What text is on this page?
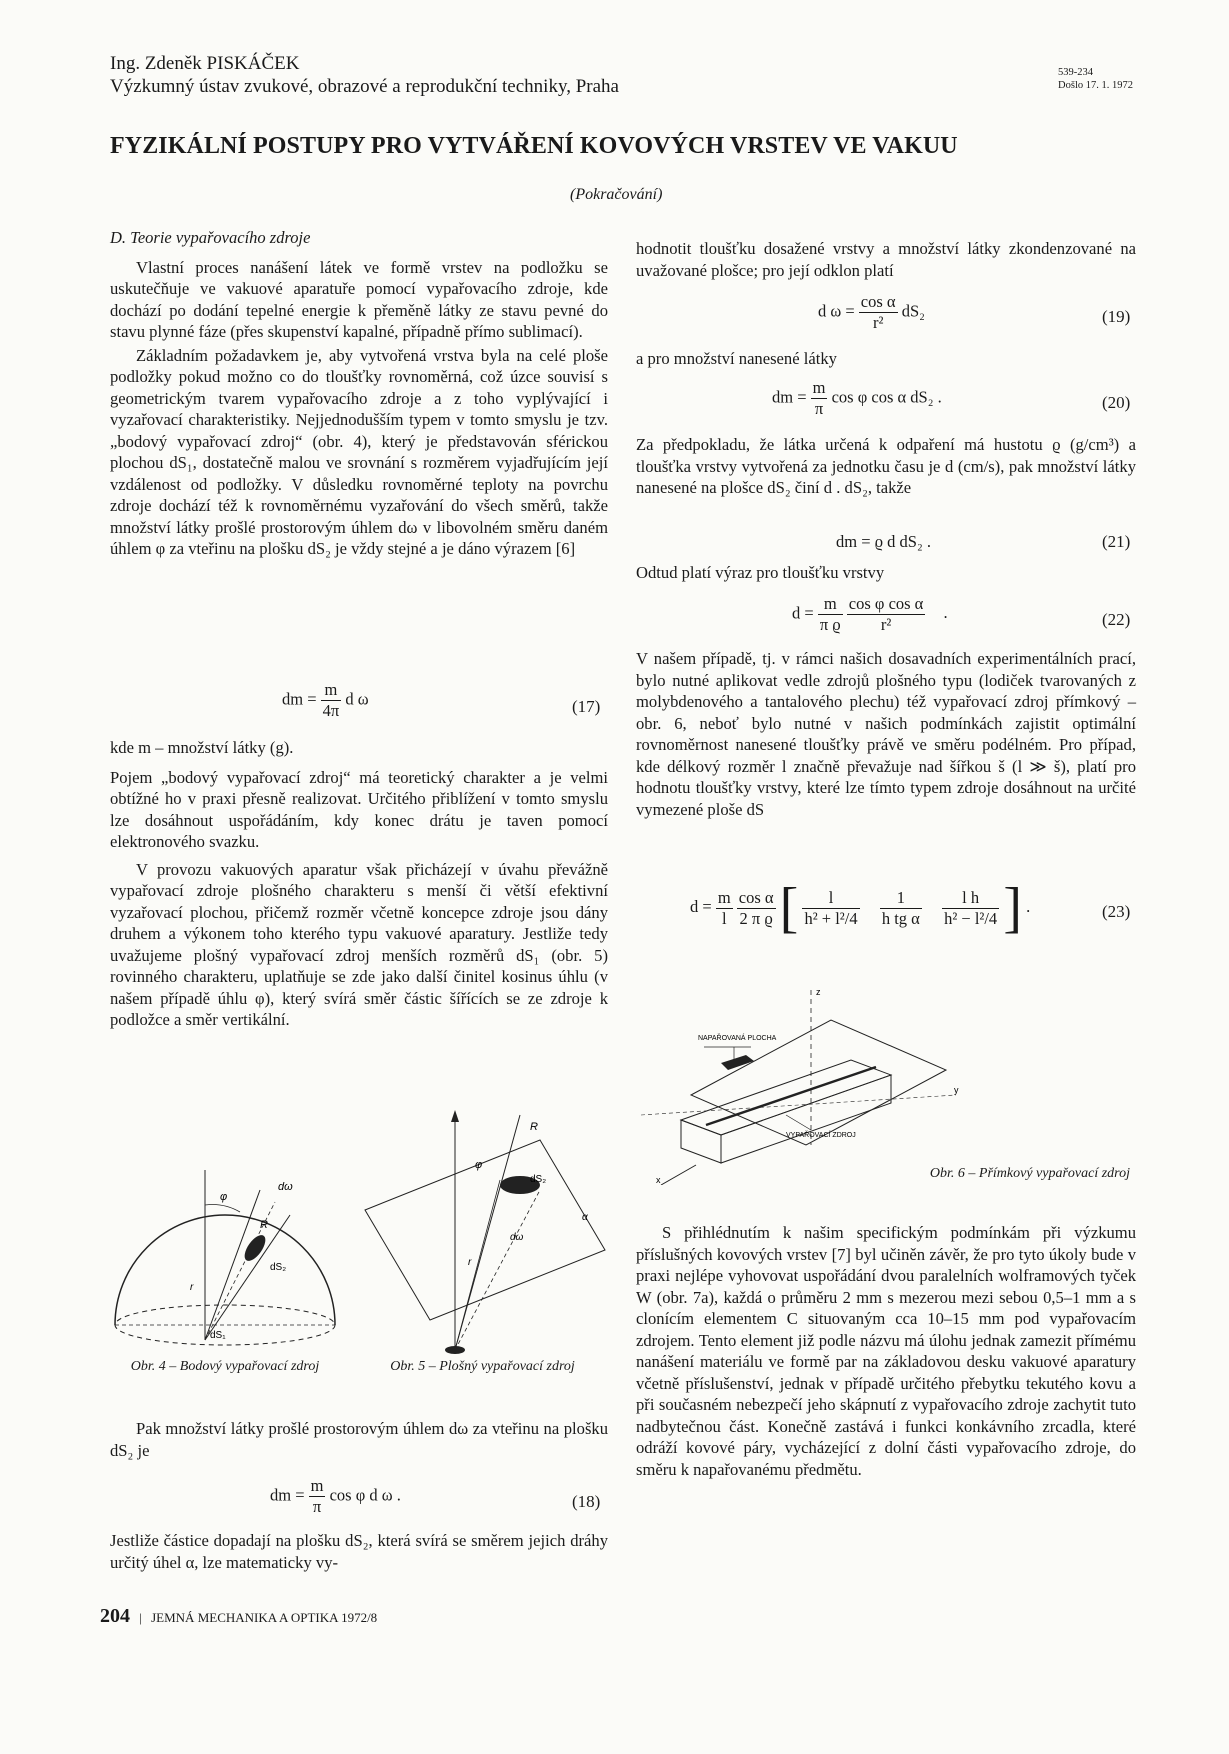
Ing. Zdeněk PISKÁČEK
Výzkumný ústav zvukové, obrazové a reprodukční techniky, Praha
539-234
Došlo 17. 1. 1972
FYZIKÁLNÍ POSTUPY PRO VYTVÁŘENÍ KOVOVÝCH VRSTEV VE VAKUU
(Pokračování)
D. Teorie vypařovacího zdroje

Vlastní proces nanášení látek ve formě vrstev na podložku se uskutečňuje ve vakuové aparatuře pomocí vypařovacího zdroje, kde dochází po dodání tepelné energie k přeměně látky ze stavu pevné do stavu plynné fáze (přes skupenství kapalné, případně přímo sublimací).

Základním požadavkem je, aby vytvořená vrstva byla na celé ploše podložky pokud možno co do tloušťky rovnoměrná, což úzce souvisí s geometrickým tvarem vypařovacího zdroje a z toho vyplývající i vyzařovací charakteristiky. Nejjednodušším typem v tomto smyslu je tzv. „bodový vypařovací zdroj“ (obr. 4), který je představován sférickou plochou dS₁, dostatečně malou ve srovnání s rozměrem vyjadřujícím její vzdálenost od podložky. V důsledku rovnoměrné teploty na povrchu zdroje dochází též k rovnoměrnému vyzařování do všech směrů, takže množství látky prošlé prostorovým úhlem dω v libovolném směru daném úhlem φ za vteřinu na plošku dS₂ je vždy stejné a je dáno výrazem [6]

dm = $\frac{m}{4\pi}$ d ω	(17)

kde m – množství látky (g).

Pojem „bodový vypařovací zdroj“ má teoretický charakter a je velmi obtížné ho v praxi přesně realizovat. Určitého přiblížení v tomto smyslu lze dosáhnout uspořádáním, kdy konec drátu je taven pomocí elektronového svazku.

V provozu vakuových aparatur však přicházejí v úvahu převážně vypařovací zdroje plošného charakteru s menší či větší efektivní vyzařovací plochou, přičemž rozměr včetně koncepce zdroje jsou dány druhem a výkonem toho kterého typu vakuové aparatury. Jestliže tedy uvažujeme plošný vypařovací zdroj menších rozměrů dS₁ (obr. 5) rovinného charakteru, uplatňuje se zde jako další činitel kosinus úhlu (v našem případě úhlu φ), který svírá směr částic šířících se ze zdroje k podložce a směr vertikální.

φ
R
dω
dS₂
dS₁
r
Obr. 4 – Bodový vypařovací zdroj
dS₂
R
φ
dω
r
α
Obr. 5 – Plošný vypařovací zdroj

Pak množství látky prošlé prostorovým úhlem dω za vteřinu na plošku dS₂ je

dm = $\frac{m}{\pi}$ cos φ d ω .	(18)

Jestliže částice dopadají na plošku dS₂, která svírá se směrem jejich dráhy určitý úhel α, lze matematicky vy-

hodnotit tloušťku dosažené vrstvy a množství látky zkondenzované na uvažované plošce; pro její odklon platí

d $\omega = \frac{\text{cos α}}{\text{r²}} dS_2$	(19)

a pro množství nanesené látky

dm = $\frac{m}{\pi}$ cos φ cos α dS₂ .	(20)

Za předpokladu, že látka určená k odpaření má hustotu ϱ (g/cm³) a tloušťka vrstvy vytvořená za jednotku času je d (cm/s), pak množství látky nanesené na plošce dS₂ činí d . dS₂, takže

dm = ϱ d dS₂ .	(21)

Odtud platí výraz pro tloušťku vrstvy

$d = \frac{m}{\text{π ϱ}}$
$\frac{\text{cos φ cos α}}{\text{r²}}$ .	(22)

V našem případě, tj. v rámci našich dosavadních experimentálních prací, bylo nutné aplikovat vedle zdrojů plošného typu (lodiček tvarovaných z molybdenového a tantalového plechu) též vypařovací zdroj přímkový – obr. 6, neboť bylo nutné v našich podmínkách zajistit optimální rovnoměrnost nanesené tloušťky právě ve směru podélném. Pro případ, kde délkový rozměr l značně převažuje nad šířkou š (l ≫ š), platí pro hodnotu tloušťky vrstvy, které lze tímto typem zdroje dosáhnout na určité vymezené ploše dS

$d = \frac{m}{l}$
$\frac{\text{cos α}}{\text{2 π ϱ}}$ [ $\frac{l}{\text{h² + l²/4}}$
$\frac{1}{\text{h tg α}}$
$\frac{\text{l h}}{\text{h² − l²/4}}$ ] .	(23)
x
z
y
NAPAŘOVANÁ PLOCHA
VYPAŘOVACÍ ZDROJ
Obr. 6 – Přímkový vypařovací zdroj

S přihlédnutím k našim specifickým podmínkám při výzkumu příslušných kovových vrstev [7] byl učiněn závěr, že pro tyto úkoly bude v praxi nejlépe vyhovovat uspořádání dvou paralelních wolframových tyček W (obr. 7a), každá o průměru 2 mm s mezerou mezi sebou 0,5–1 mm a s clonícím elementem C situovaným cca 10–15 mm pod vypařovacím zdrojem. Tento element již podle názvu má úlohu jednak zamezit přímému nanášení materiálu ve formě par na základovou desku vakuové aparatury včetně příslušenství, jednak v případě určitého přebytku tekutého kovu a při současném nebezpečí jeho skápnutí z vypařovacího zdroje zachytit tuto nadbytečnou část. Konečně zastává i funkci konkávního zrcadla, které odráží kovové páry, vycházející z dolní části vypařovacího zdroje, do směru k napařovanému předmětu.

204 | JEMNÁ MECHANIKA A OPTIKA 1972/8
